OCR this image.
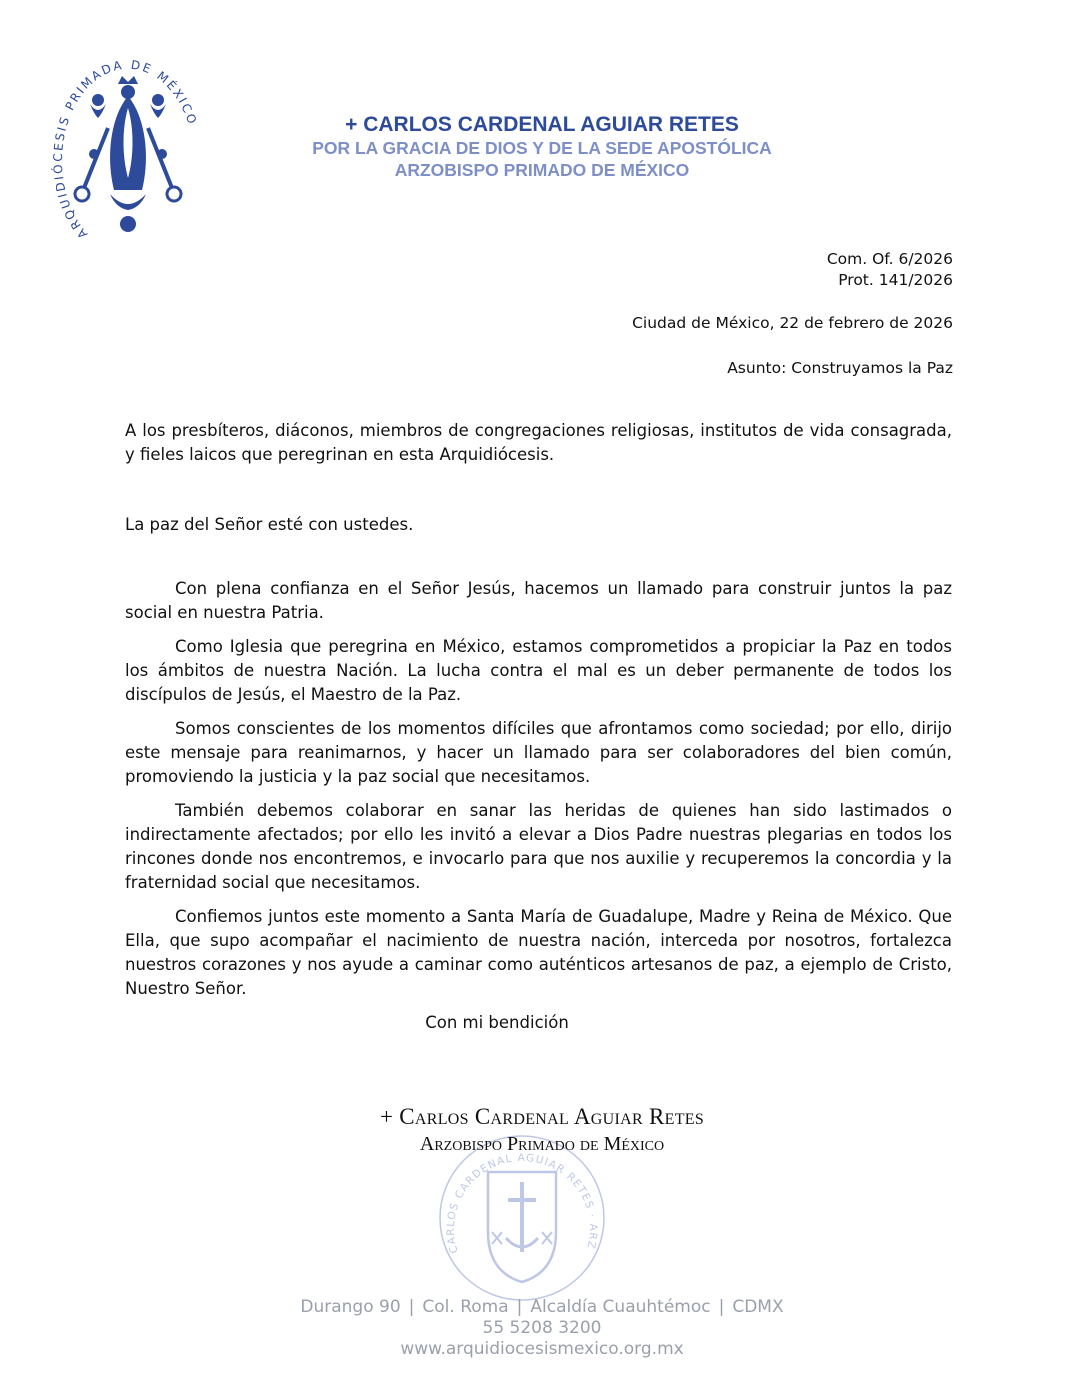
ARQUIDIÓCESIS PRIMADA DE MÉXICO	+ CARLOS CARDENAL AGUIAR RETES
POR LA GRACIA DE DIOS Y DE LA SEDE APOSTÓLICA
ARZOBISPO PRIMADO DE MÉXICO
Com. Of. 6/2026
Prot. 141/2026
Ciudad de México, 22 de febrero de 2026
Asunto: Construyamos la Paz

A los presbíteros, diáconos, miembros de congregaciones religiosas, institutos de vida consagrada, y fieles laicos que peregrinan en esta Arquidiócesis.

La paz del Señor esté con ustedes.

Con plena confianza en el Señor Jesús, hacemos un llamado para construir juntos la paz social en nuestra Patria.

Como Iglesia que peregrina en México, estamos comprometidos a propiciar la Paz en todos los ámbitos de nuestra Nación. La lucha contra el mal es un deber permanente de todos los discípulos de Jesús, el Maestro de la Paz.

Somos conscientes de los momentos difíciles que afrontamos como sociedad; por ello, dirijo este mensaje para reanimarnos, y hacer un llamado para ser colaboradores del bien común, promoviendo la justicia y la paz social que necesitamos.

También debemos colaborar en sanar las heridas de quienes han sido lastimados o indirectamente afectados; por ello les invitó a elevar a Dios Padre nuestras plegarias en todos los rincones donde nos encontremos, e invocarlo para que nos auxilie y recuperemos la concordia y la fraternidad social que necesitamos.

Confiemos juntos este momento a Santa María de Guadalupe, Madre y Reina de México. Que Ella, que supo acompañar el nacimiento de nuestra nación, interceda por nosotros, fortalezca nuestros corazones y nos ayude a caminar como auténticos artesanos de paz, a ejemplo de Cristo, Nuestro Señor.

Con mi bendición

CARLOS CARDENAL AGUIAR RETES · ARZ
+ Carlos Cardenal Aguiar Retes
Arzobispo Primado de México
Durango 90 | Col. Roma | Alcaldía Cuauhtémoc | CDMX
55 5208 3200
www.arquidiocesismexico.org.mx
